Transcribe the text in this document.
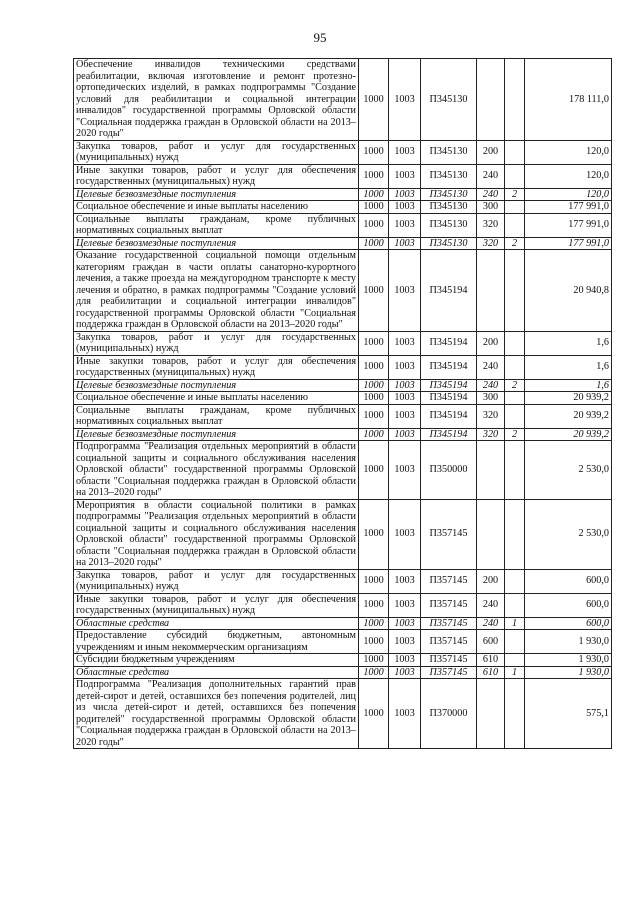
95
Обеспечение инвалидов техническими средствами реабилитации, включая изготовление и ремонт протезно-ортопедических изделий, в рамках подпрограммы "Создание условий для реабилитации и социальной интеграции инвалидов" государственной программы Орловской области "Социальная поддержка граждан в Орловской области на 2013–2020 годы"	1000	1003	П345130			178 111,0
Закупка товаров, работ и услуг для государственных (муниципальных) нужд	1000	1003	П345130	200		120,0
Иные закупки товаров, работ и услуг для обеспечения государственных (муниципальных) нужд	1000	1003	П345130	240		120,0
Целевые безвозмездные поступления	1000	1003	П345130	240	2	120,0
Социальное обеспечение и иные выплаты населению	1000	1003	П345130	300		177 991,0
Социальные выплаты гражданам, кроме публичных нормативных социальных выплат	1000	1003	П345130	320		177 991,0
Целевые безвозмездные поступления	1000	1003	П345130	320	2	177 991,0
Оказание государственной социальной помощи отдельным категориям граждан в части оплаты санаторно-курортного лечения, а также проезда на междугородном транспорте к месту лечения и обратно, в рамках подпрограммы "Создание условий для реабилитации и социальной интеграции инвалидов" государственной программы Орловской области "Социальная поддержка граждан в Орловской области на 2013–2020 годы"	1000	1003	П345194			20 940,8
Закупка товаров, работ и услуг для государственных (муниципальных) нужд	1000	1003	П345194	200		1,6
Иные закупки товаров, работ и услуг для обеспечения государственных (муниципальных) нужд	1000	1003	П345194	240		1,6
Целевые безвозмездные поступления	1000	1003	П345194	240	2	1,6
Социальное обеспечение и иные выплаты населению	1000	1003	П345194	300		20 939,2
Социальные выплаты гражданам, кроме публичных нормативных социальных выплат	1000	1003	П345194	320		20 939,2
Целевые безвозмездные поступления	1000	1003	П345194	320	2	20 939,2
Подпрограмма "Реализация отдельных мероприятий в области социальной защиты и социального обслуживания населения Орловской области" государственной программы Орловской области "Социальная поддержка граждан в Орловской области на 2013–2020 годы"	1000	1003	П350000			2 530,0
Мероприятия в области социальной политики в рамках подпрограммы "Реализация отдельных мероприятий в области социальной защиты и социального обслуживания населения Орловской области" государственной программы Орловской области "Социальная поддержка граждан в Орловской области на 2013–2020 годы"	1000	1003	П357145			2 530,0
Закупка товаров, работ и услуг для государственных (муниципальных) нужд	1000	1003	П357145	200		600,0
Иные закупки товаров, работ и услуг для обеспечения государственных (муниципальных) нужд	1000	1003	П357145	240		600,0
Областные средства	1000	1003	П357145	240	1	600,0
Предоставление субсидий бюджетным, автономным учреждениям и иным некоммерческим организациям	1000	1003	П357145	600		1 930,0
Субсидии бюджетным учреждениям	1000	1003	П357145	610		1 930,0
Областные средства	1000	1003	П357145	610	1	1 930,0
Подпрограмма "Реализация дополнительных гарантий прав детей-сирот и детей, оставшихся без попечения родителей, лиц из числа детей-сирот и детей, оставшихся без попечения родителей" государственной программы Орловской области "Социальная поддержка граждан в Орловской области на 2013–2020 годы"	1000	1003	П370000			575,1
